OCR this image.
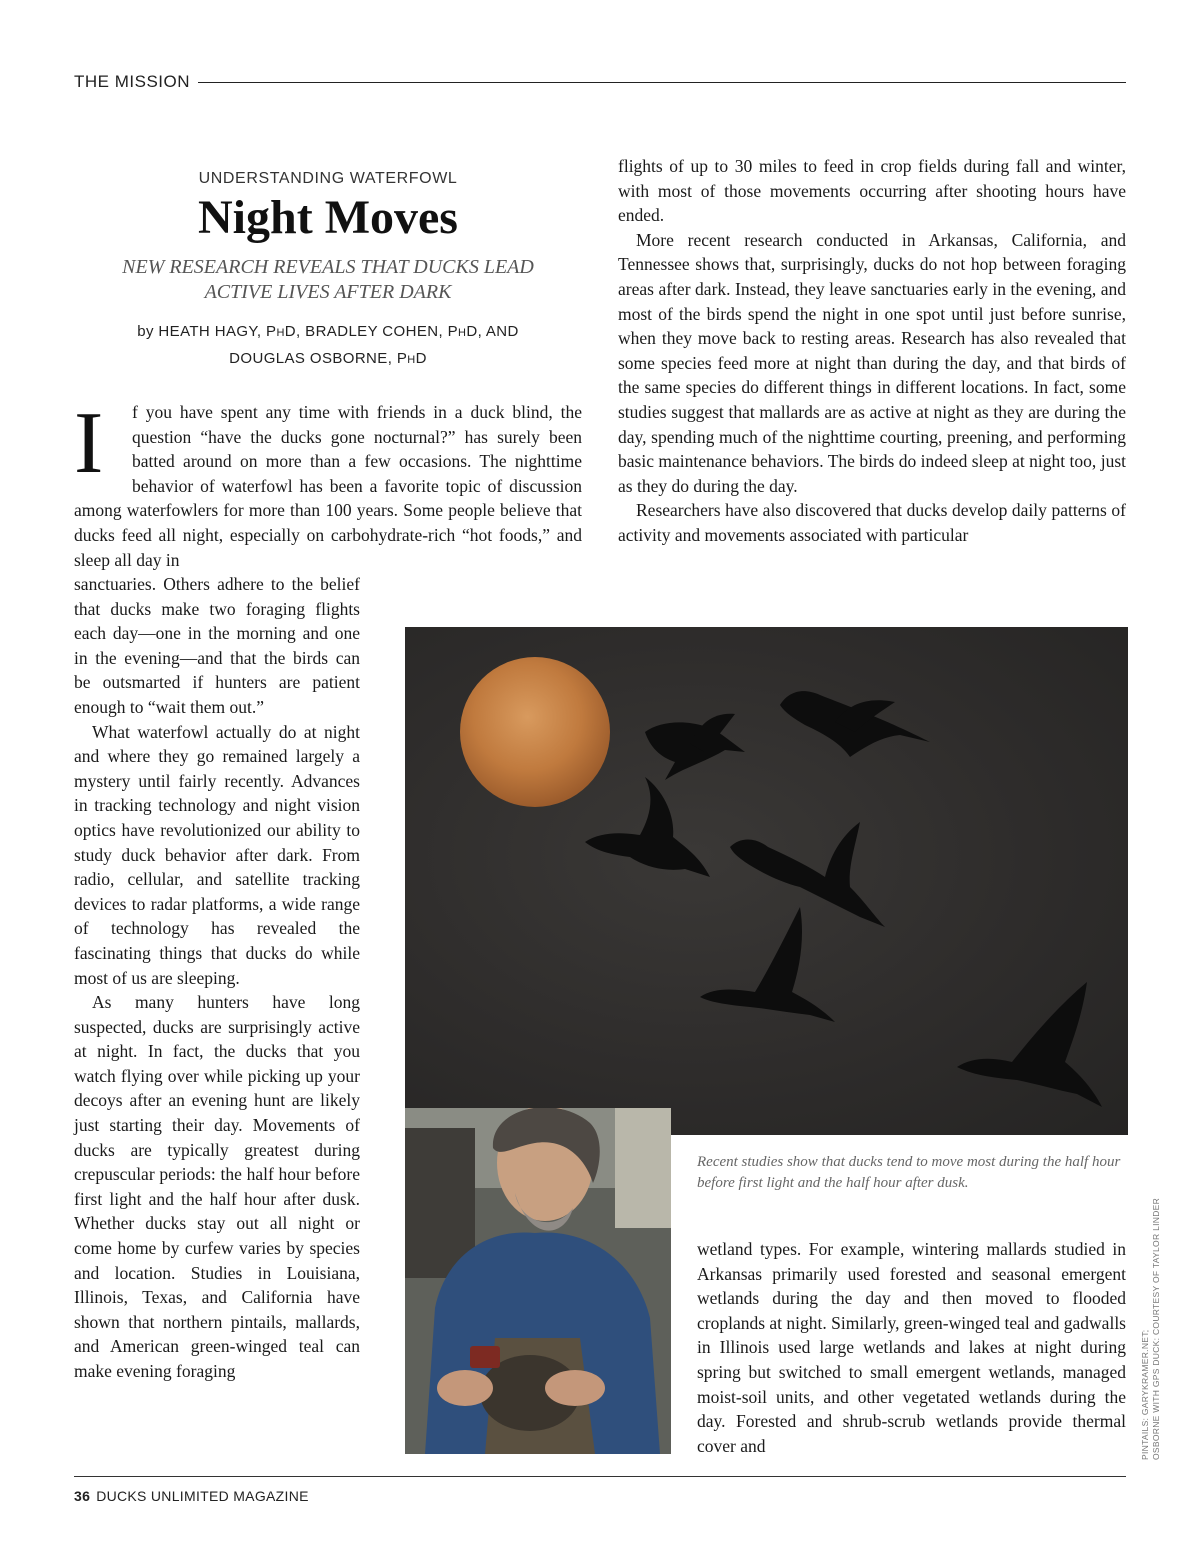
THE MISSION
UNDERSTANDING WATERFOWL
Night Moves
NEW RESEARCH REVEALS THAT DUCKS LEAD
ACTIVE LIVES AFTER DARK
by HEATH HAGY, PHD, BRADLEY COHEN, PHD, AND
DOUGLAS OSBORNE, PHD
I	f you have spent any time with friends in a duck blind, the question “have the ducks gone nocturnal?” has surely been batted around on more than a few occasions. The nighttime behavior of waterfowl has been a favorite topic of discussion among waterfowlers for more than 100 years. Some people believe that ducks feed all night, especially on carbohydrate-rich “hot foods,” and sleep all day in

sanctuaries. Others adhere to the belief that ducks make two foraging flights each day—one in the morning and one in the evening—and that the birds can be outsmarted if hunters are patient enough to “wait them out.”

What waterfowl actually do at night and where they go remained largely a mystery until fairly recently. Advances in tracking technology and night vision optics have revolutionized our ability to study duck behavior after dark. From radio, cellular, and satellite tracking devices to radar platforms, a wide range of technology has revealed the fascinating things that ducks do while most of us are sleeping.

As many hunters have long suspected, ducks are surprisingly active at night. In fact, the ducks that you watch flying over while picking up your decoys after an evening hunt are likely just starting their day. Movements of ducks are typically greatest during crepuscular periods: the half hour before first light and the half hour after dusk. Whether ducks stay out all night or come home by curfew varies by species and location. Studies in Louisiana, Illinois, Texas, and California have shown that northern pintails, mallards, and American green-winged teal can make evening foraging

flights of up to 30 miles to feed in crop fields during fall and winter, with most of those movements occurring after shooting hours have ended.

More recent research conducted in Arkansas, California, and Tennessee shows that, surprisingly, ducks do not hop between foraging areas after dark. Instead, they leave sanctuaries early in the evening, and most of the birds spend the night in one spot until just before sunrise, when they move back to resting areas. Research has also revealed that some species feed more at night than during the day, and that birds of the same species do different things in different locations. In fact, some studies suggest that mallards are as active at night as they are during the day, spending much of the nighttime courting, preening, and performing basic maintenance behaviors. The birds do indeed sleep at night too, just as they do during the day.

Researchers have also discovered that ducks develop daily patterns of activity and movements associated with particular

Recent studies show that ducks tend to move most during the half hour before first light and the half hour after dusk.

wetland types. For example, wintering mallards studied in Arkansas primarily used forested and seasonal emergent wetlands during the day and then moved to flooded croplands at night. Similarly, green-winged teal and gadwalls in Illinois used large wetlands and lakes at night during spring but switched to small emergent wetlands, managed moist-soil units, and other vegetated wetlands during the day. Forested and shrub-scrub wetlands provide thermal cover and	PINTAILS: GARYKRAMER.NET; OSBORNE WITH GPS DUCK: COURTESY OF TAYLOR LINDER
36 DUCKS UNLIMITED MAGAZINE
